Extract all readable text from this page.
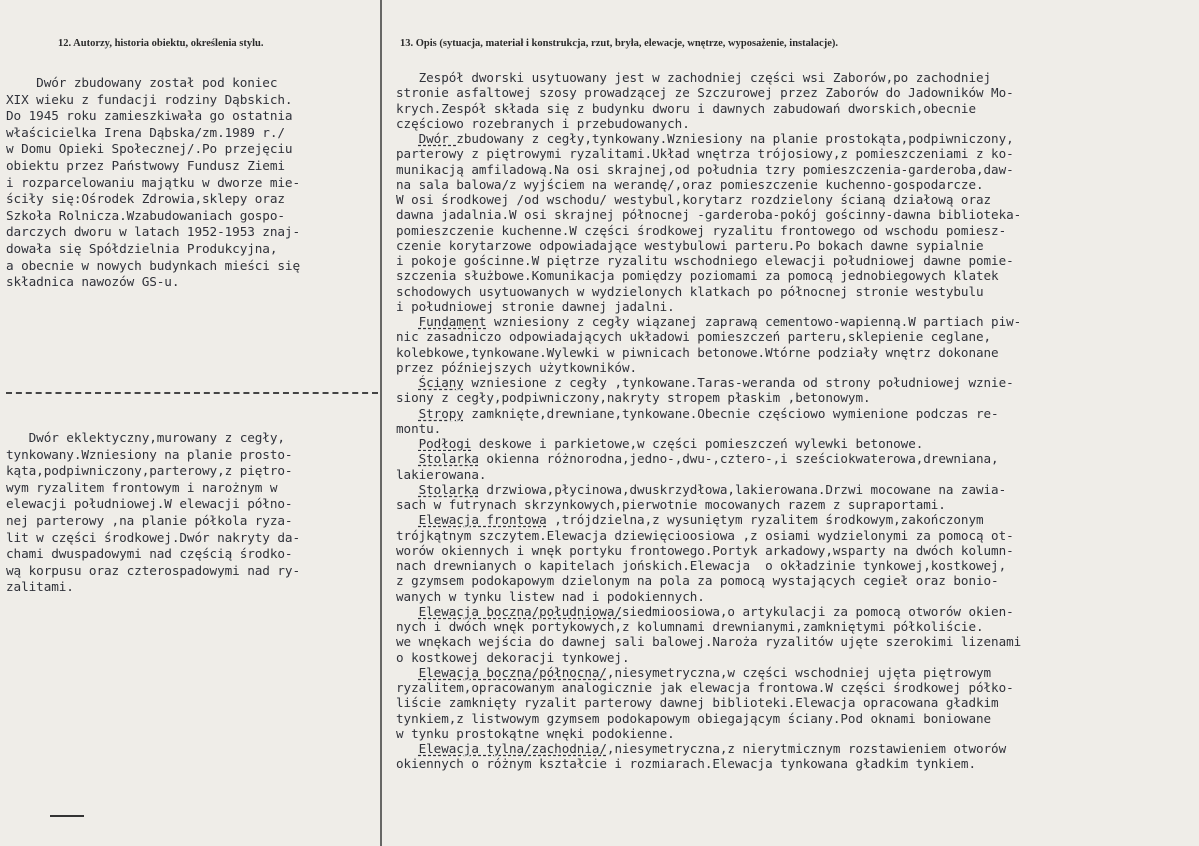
12. Autorzy, historia obiektu, określenia stylu.
Dwór zbudowany został pod koniec
XIX wieku z fundacji rodziny Dąbskich.
Do 1945 roku zamieszkiwała go ostatnia
właścicielka Irena Dąbska/zm.1989 r./
w Domu Opieki Społecznej/.Po przejęciu
obiektu przez Państwowy Fundusz Ziemi
i rozparcelowaniu majątku w dworze mie-
ściły się:Ośrodek Zdrowia,sklepy oraz
Szkoła Rolnicza.Wzabudowaniach gospo-
darczych dworu w latach 1952-1953 znaj-
dowała się Spółdzielnia Produkcyjna,
a obecnie w nowych budynkach mieści się
składnica nawozów GS-u.
Dwór eklektyczny,murowany z cegły,
tynkowany.Wzniesiony na planie prosto-
kąta,podpiwniczony,parterowy,z piętro-
wym ryzalitem frontowym i narożnym w
elewacji południowej.W elewacji półno-
nej parterowy ,na planie półkola ryza-
lit w części środkowej.Dwór nakryty da-
chami dwuspadowymi nad częścią środko-
wą korpusu oraz czterospadowymi nad ry-
zalitami.
13. Opis (sytuacja, materiał i konstrukcja, rzut, bryła, elewacje, wnętrze, wyposażenie, instalacje).
Zespół dworski usytuowany jest w zachodniej części wsi Zaborów,po zachodniej
stronie asfaltowej szosy prowadzącej ze Szczurowej przez Zaborów do Jadowników Mo-
krych.Zespół składa się z budynku dworu i dawnych zabudowań dworskich,obecnie
częściowo rozebranych i przebudowanych.
Dwór zbudowany z cegły,tynkowany.Wzniesiony na planie prostokąta,podpiwniczony,
parterowy z piętrowymi ryzalitami.Układ wnętrza trójosiowy,z pomieszczeniami z ko-
munikacją amfiladową.Na osi skrajnej,od południa tzry pomieszczenia-garderoba,daw-
na sala balowa/z wyjściem na werandę/,oraz pomieszczenie kuchenno-gospodarcze.
W osi środkowej /od wschodu/ westybul,korytarz rozdzielony ścianą działową oraz
dawna jadalnia.W osi skrajnej północnej -garderoba-pokój gościnny-dawna biblioteka-
pomieszczenie kuchenne.W części środkowej ryzalitu frontowego od wschodu pomiesz-
czenie korytarzowe odpowiadające westybulowi parteru.Po bokach dawne sypialnie
i pokoje gościnne.W piętrze ryzalitu wschodniego elewacji południowej dawne pomie-
szczenia służbowe.Komunikacja pomiędzy poziomami za pomocą jednobiegowych klatek
schodowych usytuowanych w wydzielonych klatkach po północnej stronie westybulu
i południowej stronie dawnej jadalni.
Fundament wzniesiony z cegły wiązanej zaprawą cementowo-wapienną.W partiach piw-
nic zasadniczo odpowiadających układowi pomieszczeń parteru,sklepienie ceglane,
kolebkowe,tynkowane.Wylewki w piwnicach betonowe.Wtórne podziały wnętrz dokonane
przez późniejszych użytkowników.
Ściany wzniesione z cegły ,tynkowane.Taras-weranda od strony południowej wznie-
siony z cegły,podpiwniczony,nakryty stropem płaskim ,betonowym.
Stropy zamknięte,drewniane,tynkowane.Obecnie częściowo wymienione podczas re-
montu.
Podłogi deskowe i parkietowe,w części pomieszczeń wylewki betonowe.
Stolarka okienna różnorodna,jedno-,dwu-,cztero-,i sześciokwaterowa,drewniana,
lakierowana.
Stolarka drzwiowa,płycinowa,dwuskrzydłowa,lakierowana.Drzwi mocowane na zawia-
sach w futrynach skrzynkowych,pierwotnie mocowanych razem z supraportami.
Elewacja frontowa ,trójdzielna,z wysuniętym ryzalitem środkowym,zakończonym
trójkątnym szczytem.Elewacja dziewięcioosiowa ,z osiami wydzielonymi za pomocą ot-
worów okiennych i wnęk portyku frontowego.Portyk arkadowy,wsparty na dwóch kolumn-
nach drewnianych o kapitelach jońskich.Elewacja  o okładzinie tynkowej,kostkowej,
z gzymsem podokapowym dzielonym na pola za pomocą wystających cegieł oraz bonio-
wanych w tynku listew nad i podokiennych.
Elewacja boczna/południowa/siedmioosiowa,o artykulacji za pomocą otworów okien-
nych i dwóch wnęk portykowych,z kolumnami drewnianymi,zamkniętymi półkoliście.
we wnękach wejścia do dawnej sali balowej.Naroża ryzalitów ujęte szerokimi lizenami
o kostkowej dekoracji tynkowej.
Elewacja boczna/północna/,niesymetryczna,w części wschodniej ujęta piętrowym
ryzalitem,opracowanym analogicznie jak elewacja frontowa.W części środkowej półko-
liście zamknięty ryzalit parterowy dawnej biblioteki.Elewacja opracowana gładkim
tynkiem,z listwowym gzymsem podokapowym obiegającym ściany.Pod oknami boniowane
w tynku prostokątne wnęki podokienne.
Elewacja tylna/zachodnia/,niesymetryczna,z nierytmicznym rozstawieniem otworów
okiennych o różnym kształcie i rozmiarach.Elewacja tynkowana gładkim tynkiem.
